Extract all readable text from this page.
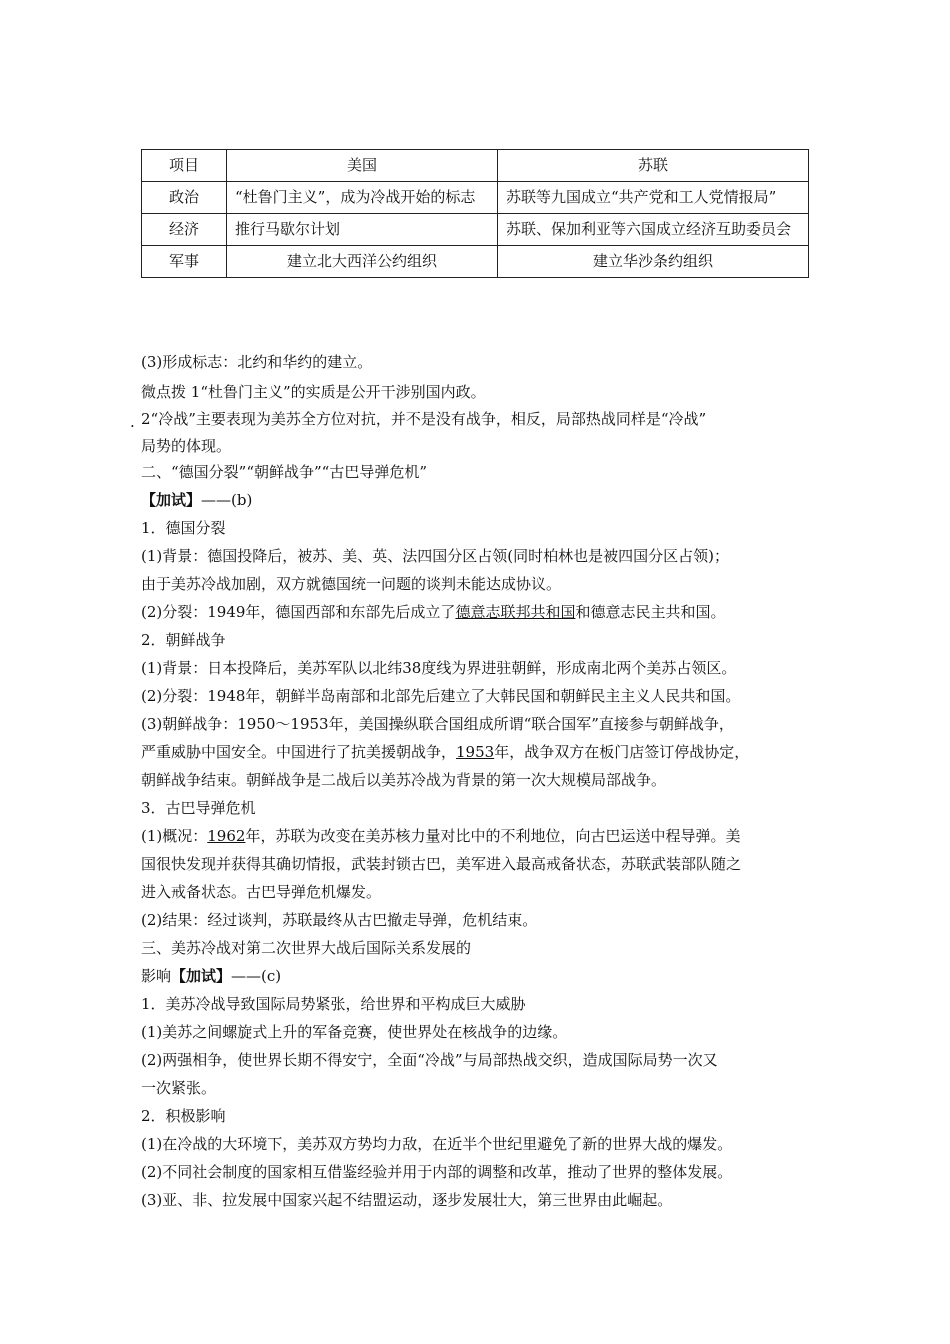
项目	美国	苏联
政治	“杜鲁门主义”，成为冷战开始的标志	苏联等九国成立“共产党和工人党情报局”
经济	推行马歇尔计划	苏联、保加利亚等六国成立经济互助委员会
军事	建立北大西洋公约组织	建立华沙条约组织
(3)形成标志：北约和华约的建立。
微点拨 1“杜鲁门主义”的实质是公开干涉别国内政。
. 2“冷战”主要表现为美苏全方位对抗，并不是没有战争，相反，局部热战同样是“冷战”
局势的体现。
二、“德国分裂”“朝鲜战争”“古巴导弹危机”
【加试】——(b)
1．德国分裂
(1)背景：德国投降后，被苏、美、英、法四国分区占领(同时柏林也是被四国分区占领)；
由于美苏冷战加剧，双方就德国统一问题的谈判未能达成协议。
(2)分裂：1949年，德国西部和东部先后成立了德意志联邦共和国和德意志民主共和国。
2．朝鲜战争
(1)背景：日本投降后，美苏军队以北纬38度线为界进驻朝鲜，形成南北两个美苏占领区。
(2)分裂：1948年，朝鲜半岛南部和北部先后建立了大韩民国和朝鲜民主主义人民共和国。
(3)朝鲜战争：1950～1953年，美国操纵联合国组成所谓“联合国军”直接参与朝鲜战争，
严重威胁中国安全。中国进行了抗美援朝战争，1953年，战争双方在板门店签订停战协定，
朝鲜战争结束。朝鲜战争是二战后以美苏冷战为背景的第一次大规模局部战争。
3．古巴导弹危机
(1)概况：1962年，苏联为改变在美苏核力量对比中的不利地位，向古巴运送中程导弹。美
国很快发现并获得其确切情报，武装封锁古巴，美军进入最高戒备状态，苏联武装部队随之
进入戒备状态。古巴导弹危机爆发。
(2)结果：经过谈判，苏联最终从古巴撤走导弹，危机结束。
三、美苏冷战对第二次世界大战后国际关系发展的
影响【加试】——(c)
1．美苏冷战导致国际局势紧张，给世界和平构成巨大威胁
(1)美苏之间螺旋式上升的军备竞赛，使世界处在核战争的边缘。
(2)两强相争，使世界长期不得安宁，全面“冷战”与局部热战交织，造成国际局势一次又
一次紧张。
2．积极影响
(1)在冷战的大环境下，美苏双方势均力敌，在近半个世纪里避免了新的世界大战的爆发。
(2)不同社会制度的国家相互借鉴经验并用于内部的调整和改革，推动了世界的整体发展。
(3)亚、非、拉发展中国家兴起不结盟运动，逐步发展壮大，第三世界由此崛起。
